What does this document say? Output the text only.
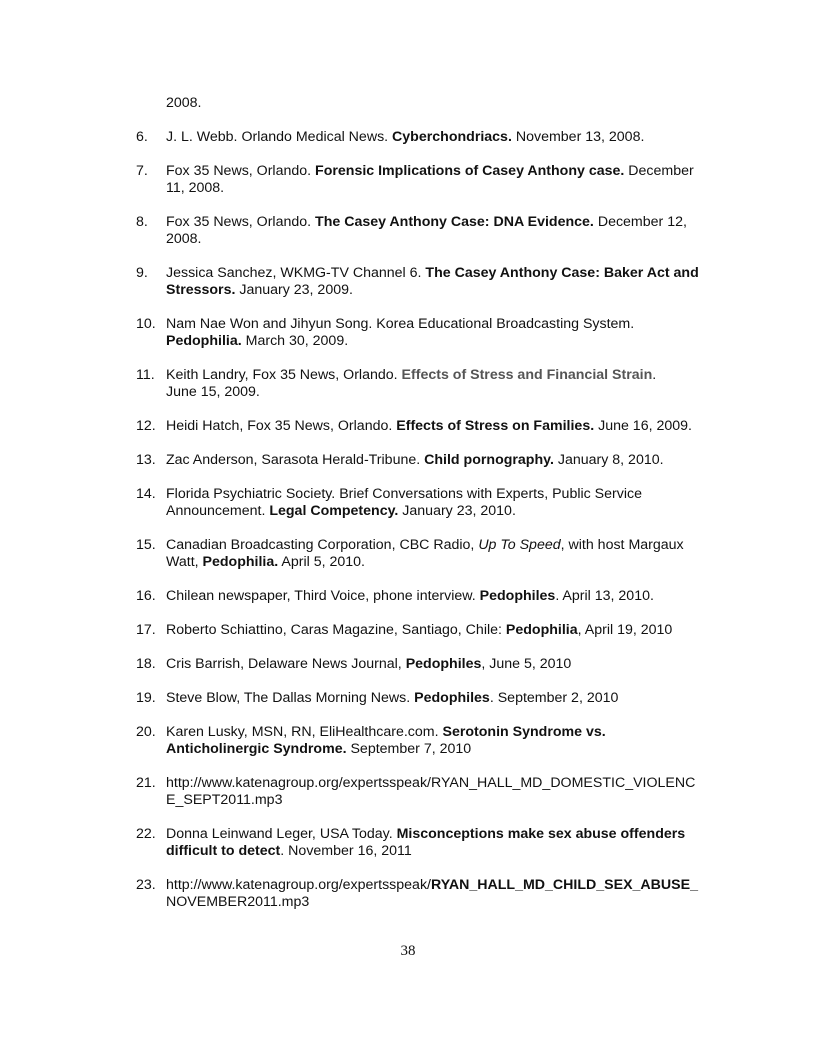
2008.
6. J. L. Webb. Orlando Medical News. Cyberchondriacs. November 13, 2008.
7. Fox 35 News, Orlando. Forensic Implications of Casey Anthony case. December
11, 2008.
8. Fox 35 News, Orlando. The Casey Anthony Case: DNA Evidence. December 12,
2008.
9. Jessica Sanchez, WKMG-TV Channel 6. The Casey Anthony Case: Baker Act and
Stressors. January 23, 2009.
10. Nam Nae Won and Jihyun Song. Korea Educational Broadcasting System.
Pedophilia. March 30, 2009.
11. Keith Landry, Fox 35 News, Orlando. Effects of Stress and Financial Strain.
June 15, 2009.
12. Heidi Hatch, Fox 35 News, Orlando. Effects of Stress on Families. June 16, 2009.
13. Zac Anderson, Sarasota Herald-Tribune. Child pornography. January 8, 2010.
14. Florida Psychiatric Society. Brief Conversations with Experts, Public Service
Announcement. Legal Competency. January 23, 2010.
15. Canadian Broadcasting Corporation, CBC Radio, Up To Speed, with host Margaux
Watt, Pedophilia. April 5, 2010.
16. Chilean newspaper, Third Voice, phone interview. Pedophiles. April 13, 2010.
17. Roberto Schiattino, Caras Magazine, Santiago, Chile: Pedophilia, April 19, 2010
18. Cris Barrish, Delaware News Journal, Pedophiles, June 5, 2010
19. Steve Blow, The Dallas Morning News. Pedophiles. September 2, 2010
20. Karen Lusky, MSN, RN, EliHealthcare.com. Serotonin Syndrome vs.
Anticholinergic Syndrome. September 7, 2010
21. http://www.katenagroup.org/expertsspeak/RYAN_HALL_MD_DOMESTIC_VIOLENC
E_SEPT2011.mp3
22. Donna Leinwand Leger, USA Today. Misconceptions make sex abuse offenders
difficult to detect. November 16, 2011
23. http://www.katenagroup.org/expertsspeak/RYAN_HALL_MD_CHILD_SEX_ABUSE_
NOVEMBER2011.mp3
38
